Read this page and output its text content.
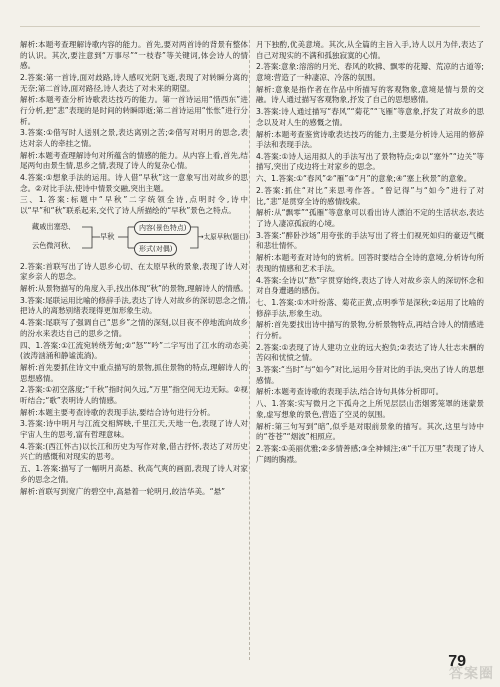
解析:本题考查理解诗歌内容的能力。首先,要对两首诗的背景有整体的认识。其次,要注意到“万事尽”“一枝春”等关键词,体会诗人的情感。
2.答案:第一首诗,面对歧路,诗人感叹光阴飞逝,表现了对转瞬分离的无奈;第二首诗,面对路径,诗人表达了对未来的期望。
解析:本题考查分析诗歌表达技巧的能力。第一首诗运用“惜西东”进行分析,把“悲”表现的是时间的转瞬即逝;第二首诗运用“怅怅”进行分析。
3.答案:①借写时人送别之景,表达离别之苦;②借写对明月的思念,表达对亲人的牵挂之情。
解析:本题考查理解诗句对所蕴含的情感的能力。从内容上看,首先,结尾两句由景生情,思乡之情,表现了诗人的复杂心情。
4.答案:①想象手法的运用。诗人借“早秋”这一意象写出对故乡的思念。②对比手法,使诗中情景交融,突出主题。
三、1.答案:标题中“早秋”二字统领全诗,点明时令,诗中以“早”和“秋”联系起来,交代了诗人所描绘的“早秋”景色之特点。
藏戚出塞恐、
云色微河秋、
早秋
内容(景色特点)
形式(对偶)
→太原早秋(题目)
2.答案:首联写出了诗人思乡心切、在太原早秋的景象,表现了诗人对家乡亲人的思念。
解析:从景物描写的角度入手,找出体现“秋”的景物,理解诗人的情感。
3.答案:尾联运用比喻的修辞手法,表达了诗人对故乡的深切思念之情,把诗人的离愁别绪表现得更加形象生动。
4.答案:尾联写了强调自己“思乡”之情的深刻,以目夜不停地流向故乡的汾水来表达自己的思乡之情。
四、1.答案:①江流宛转绕芳甸;②“怒”“吟”二字写出了江水的动态美(波涛汹涌和静谧流淌)。
解析:首先要抓住诗文中重点描写的景物,抓住景物的特点,理解诗人的思想感情。
2.答案:①初空落度;“千秋”指时间久远,“万里”指空间无边无际。②视听结合;“歌”表明诗人的情感。
解析:本题主要考查诗歌的表现手法,要结合诗句进行分析。
3.答案:诗中明月与江流交相辉映,千里江天,天地一色,表现了诗人对宇宙人生的思考,富有哲理意味。
4.答案:(西江怀古)以长江和历史为写作对象,借古抒怀,表达了对历史兴亡的感慨和对现实的思考。
五、1.答案:描写了一幅明月高悬、秋高气爽的画面,表现了诗人对家乡的思念之情。
解析:首联写到宽广的碧空中,高悬着一轮明月,皎洁华美。“悬”
月下独酌,优美意境。其次,从全篇的主旨入手,诗人以月为伴,表达了自己对现实的不满和孤独寂寞的心情。
2.答案:意象:溶溶的月光、春风的吹拂、飘零的花瓣、荒凉的古道等;意境:营造了一种凄凉、冷落的氛围。
解析:意象是指作者在作品中所描写的客观物象,意境是情与景的交融。诗人通过描写客观物象,抒发了自己的思想感情。
3.答案:诗人通过描写“春风”“菊花”“飞雁”等意象,抒发了对故乡的思念以及对人生的感慨之情。
解析:本题考查鉴赏诗歌表达技巧的能力,主要是分析诗人运用的修辞手法和表现手法。
4.答案:①诗人运用拟人的手法写出了景物特点;②以“塞外”“边关”等描写,突出了戍边将士对家乡的思念。
六、1.答案:①“春风”②“雁”③“月”的意象;④“塞上秋景”的意象。
2.答案:抓住“对比”来思考作答。“曾记得”与“如今”进行了对比,“悲”是贯穿全诗的感情线索。
解析:从“飘零”“孤雁”等意象可以看出诗人漂泊不定的生活状态,表达了诗人凄凉孤寂的心境。
3.答案:“醉卧沙场”用夸张的手法写出了将士们视死如归的豪迈气概和悲壮情怀。
解析:本题考查对诗句的赏析。回答时要结合全诗的意境,分析诗句所表现的情感和艺术手法。
4.答案:全诗以“愁”字贯穿始终,表达了诗人对故乡亲人的深切怀念和对自身遭遇的感伤。
七、1.答案:①木叶纷落、菊花正黄,点明季节是深秋;②运用了比喻的修辞手法,形象生动。
解析:首先要找出诗中描写的景物,分析景物特点,再结合诗人的情感进行分析。
2.答案:①表现了诗人建功立业的远大抱负;②表达了诗人壮志未酬的苦闷和忧愤之情。
3.答案:“当时”与“如今”对比,运用今昔对比的手法,突出了诗人的思想感情。
解析:本题考查诗歌的表现手法,结合诗句具体分析即可。
八、1.答案:实写微月之下孤舟之上所见层层山峦烟雾笼罩的迷蒙景象,虚写想象的景色,营造了空灵的氛围。
解析:第三句写到“暗”,似乎是对眼前景象的描写。其次,这里与诗中的“苍苍”“烟波”相照应。
2.答案:①美丽优雅;②多情善感;③全神倾注;④“千江万里”表现了诗人广阔的胸襟。
79
答案圈
